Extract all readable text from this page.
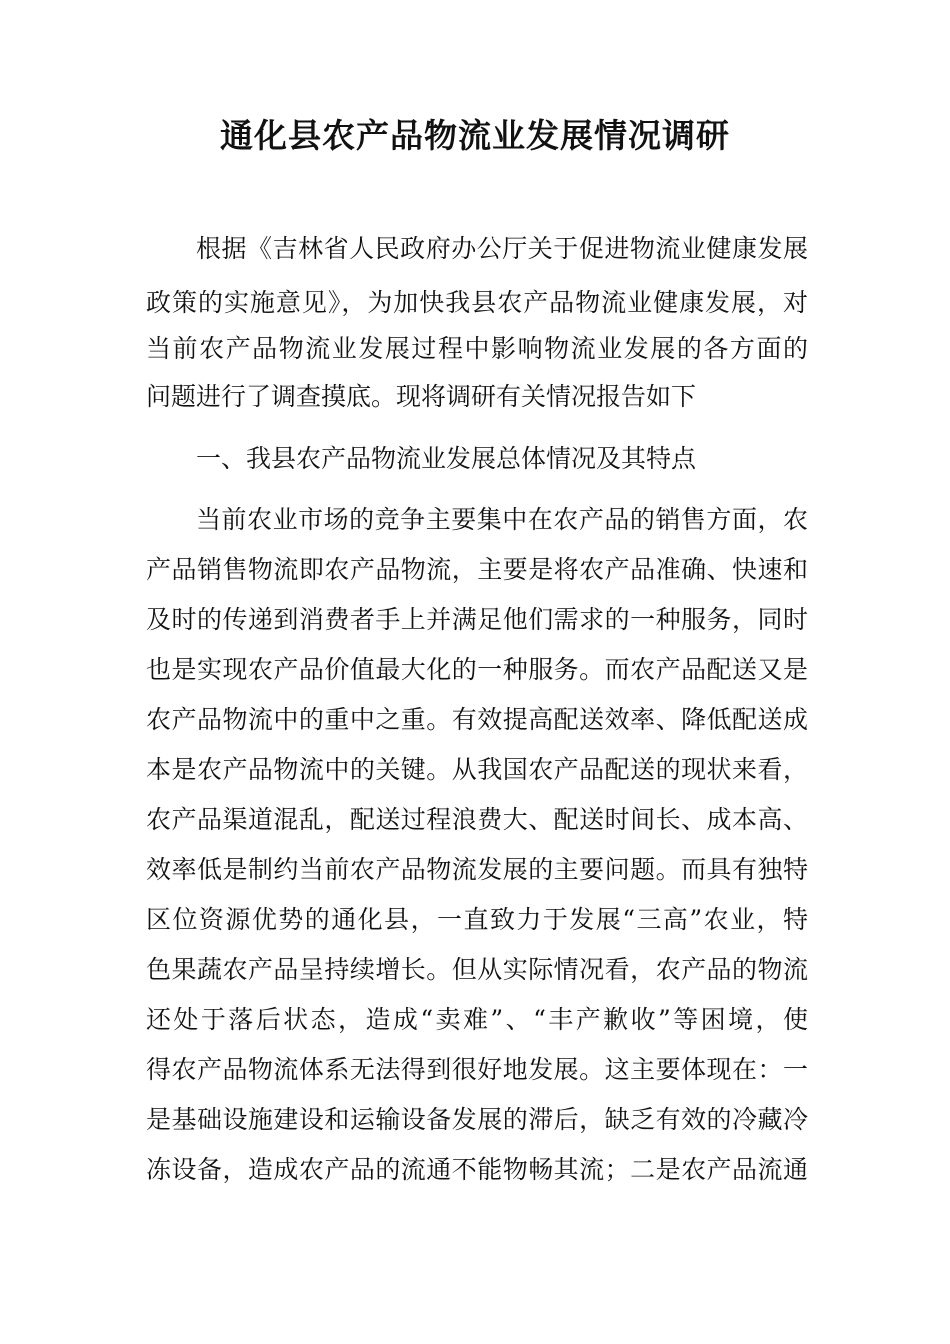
通化县农产品物流业发展情况调研

根据《吉林省人民政府办公厅关于促进物流业健康发展

政策的实施意见》，为加快我县农产品物流业健康发展，对

当前农产品物流业发展过程中影响物流业发展的各方面的

问题进行了调查摸底。现将调研有关情况报告如下

一、我县农产品物流业发展总体情况及其特点

当前农业市场的竞争主要集中在农产品的销售方面，农

产品销售物流即农产品物流，主要是将农产品准确、快速和

及时的传递到消费者手上并满足他们需求的一种服务，同时

也是实现农产品价值最大化的一种服务。而农产品配送又是

农产品物流中的重中之重。有效提高配送效率、降低配送成

本是农产品物流中的关键。从我国农产品配送的现状来看，

农产品渠道混乱，配送过程浪费大、配送时间长、成本高、

效率低是制约当前农产品物流发展的主要问题。而具有独特

区位资源优势的通化县，一直致力于发展“三高”农业，特

色果蔬农产品呈持续增长。但从实际情况看，农产品的物流

还处于落后状态，造成“卖难”、“丰产歉收”等困境，使

得农产品物流体系无法得到很好地发展。这主要体现在：一

是基础设施建设和运输设备发展的滞后，缺乏有效的冷藏冷

冻设备，造成农产品的流通不能物畅其流；二是农产品流通
